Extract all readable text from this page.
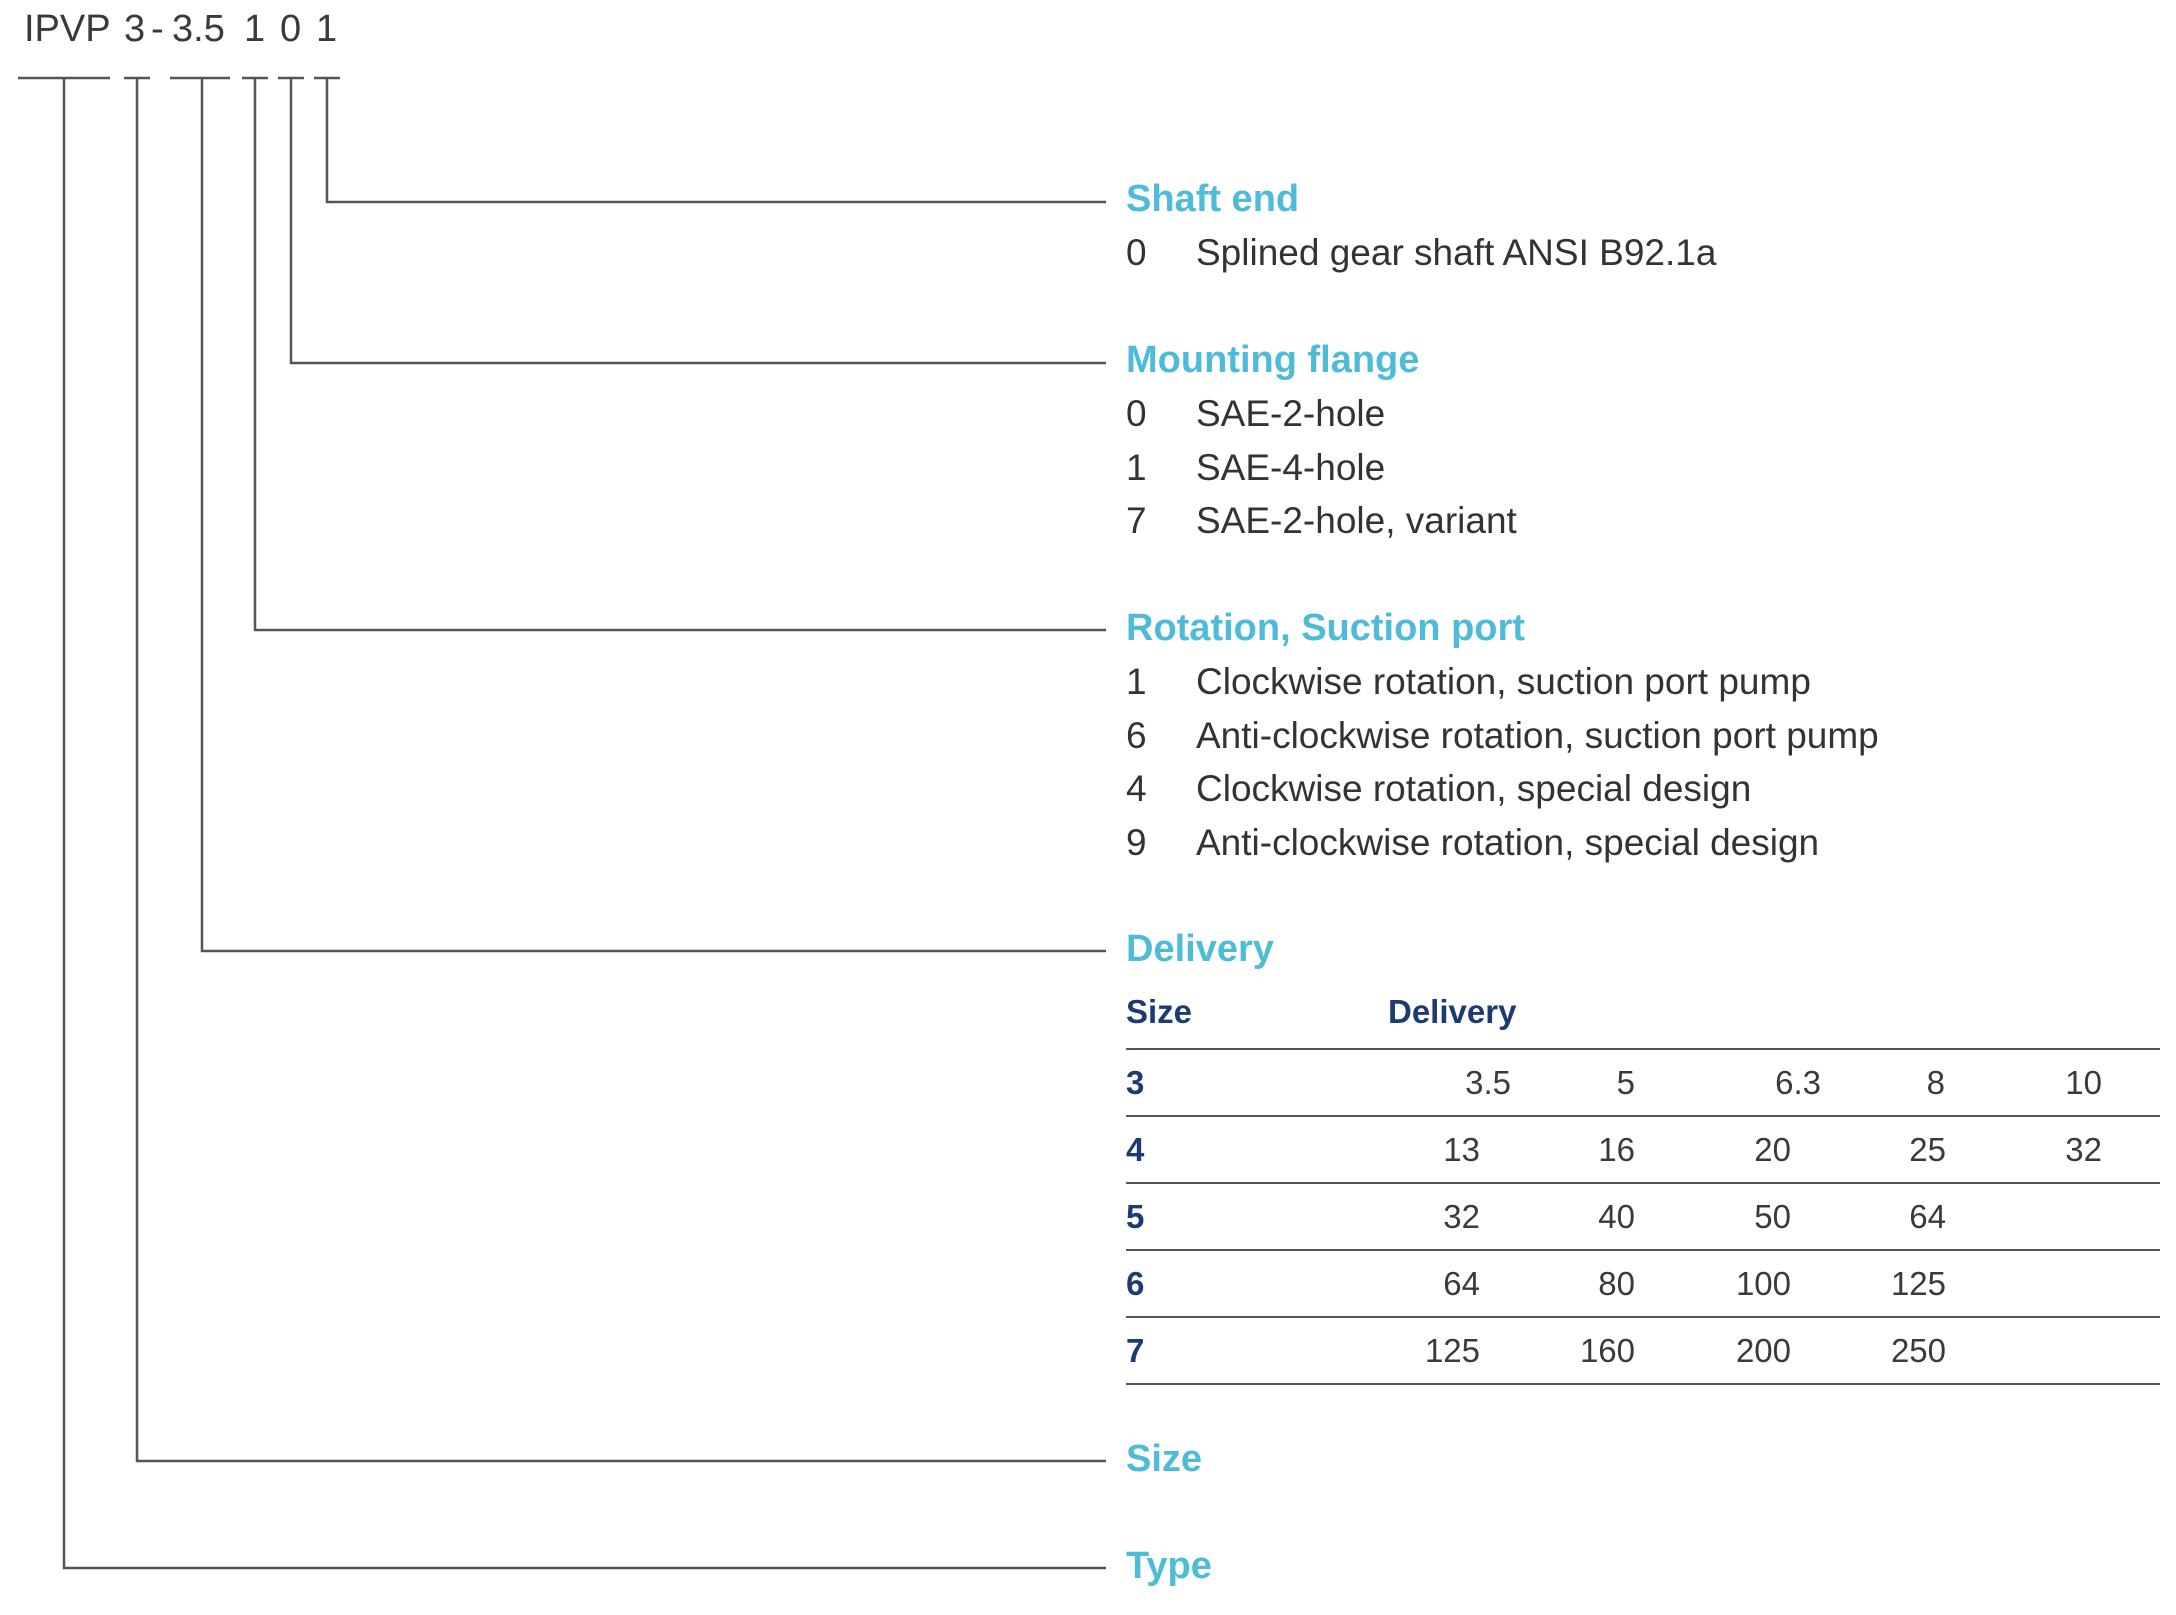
IPVP 3 - 3.5 1 0 1
Shaft end
0 Splined gear shaft ANSI B92.1a
Mounting flange
0 SAE-2-hole
1 SAE-4-hole
7 SAE-2-hole, variant
Rotation, Suction port
1 Clockwise rotation, suction port pump
6 Anti-clockwise rotation, suction port pump
4 Clockwise rotation, special design
9 Anti-clockwise rotation, special design
Delivery
Size	Delivery
3	3.5	5	6.3	8	10
4	13	16	20	25	32
5	32	40	50	64
6	64	80	100	125
7	125	160	200	250
Size
Type
